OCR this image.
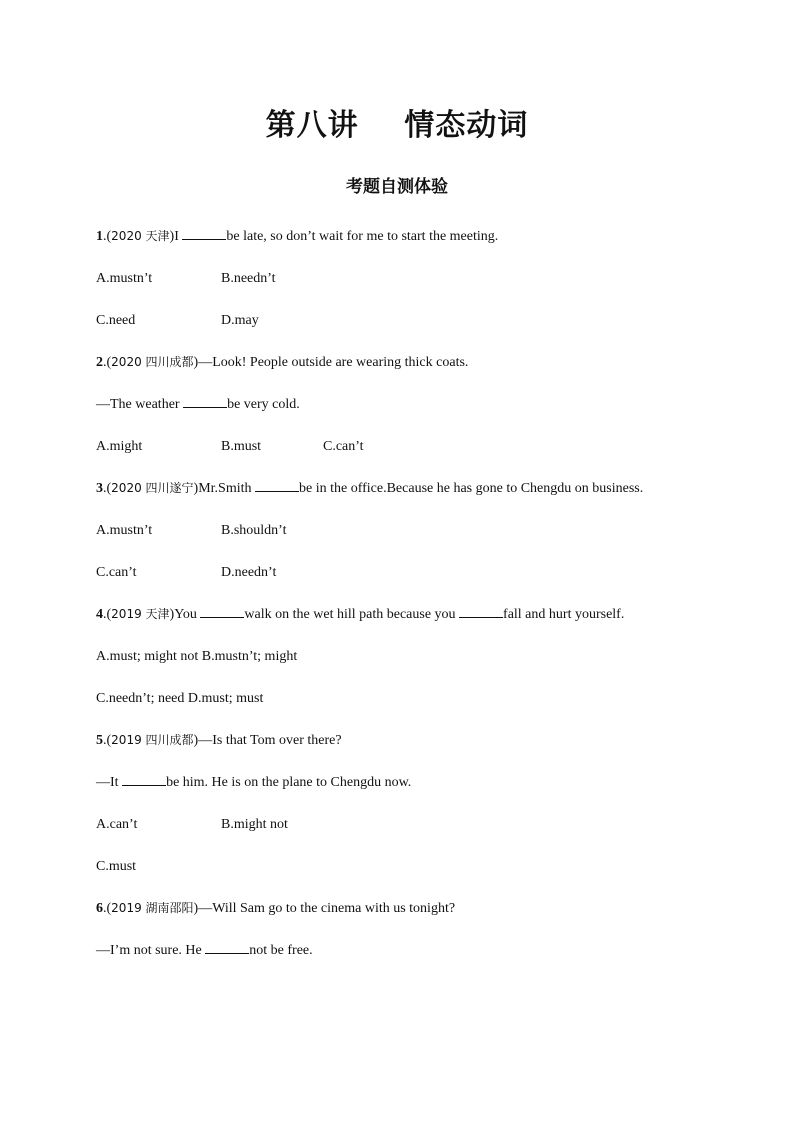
第八讲    情态动词
考题自测体验
1.(2020 天津)I	be late, so don’t wait for me to start the meeting.
A.mustn’t	B.needn’t
C.need	D.may
2.(2020 四川成都)—Look! People outside are wearing thick coats.
—The weather	be very cold.
A.might	B.must	C.can’t
3.(2020 四川遂宁)Mr.Smith	be in the office.Because he has gone to Chengdu on business.
A.mustn’t	B.shouldn’t
C.can’t	D.needn’t
4.(2019 天津)You	walk on the wet hill path because you	fall and hurt yourself.
A.must; might not B.mustn’t; might
C.needn’t; need D.must; must
5.(2019 四川成都)—Is that Tom over there?
—It	be him. He is on the plane to Chengdu now.
A.can’t	B.might not
C.must
6.(2019 湖南邵阳)—Will Sam go to the cinema with us tonight?
—I’m not sure. He	not be free.
